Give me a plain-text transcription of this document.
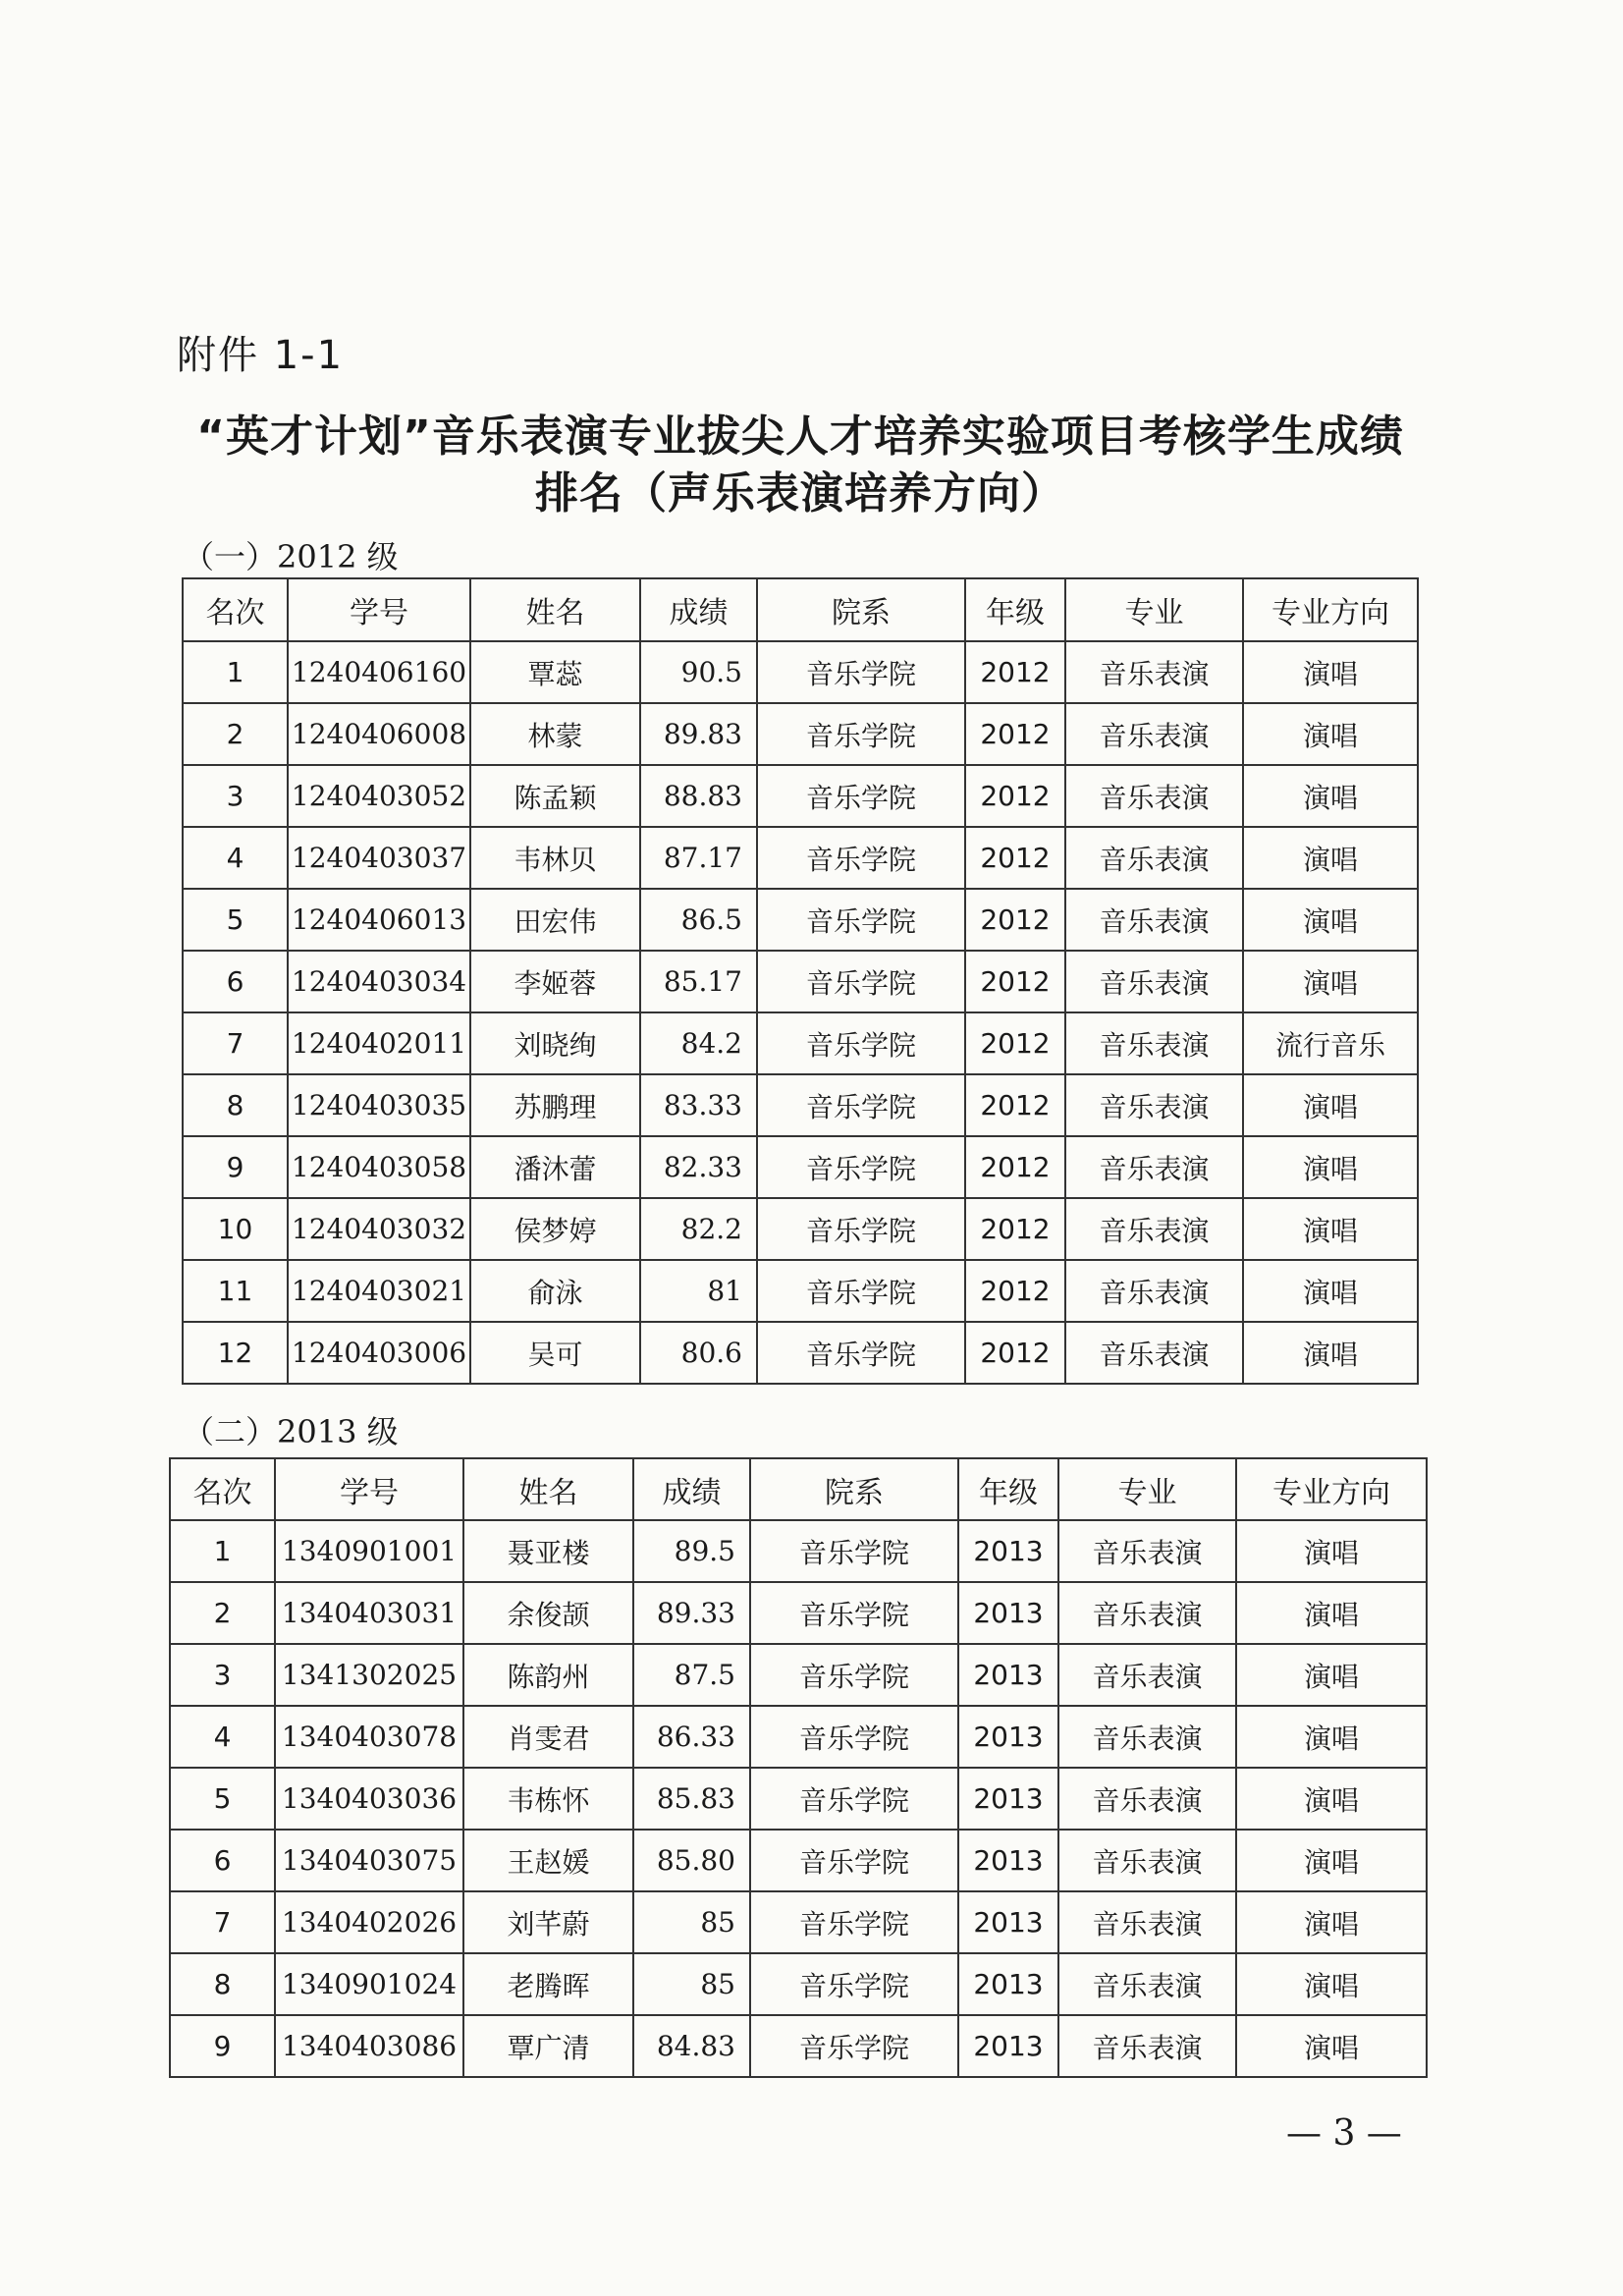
附件 1-1
“英才计划”音乐表演专业拔尖人才培养实验项目考核学生成绩
排名（声乐表演培养方向）
（一）2012 级
名次	学号	姓名	成绩	院系	年级	专业	专业方向
1	1240406160	覃蕊	90.5	音乐学院	2012	音乐表演	演唱
2	1240406008	林蒙	89.83	音乐学院	2012	音乐表演	演唱
3	1240403052	陈孟颖	88.83	音乐学院	2012	音乐表演	演唱
4	1240403037	韦林贝	87.17	音乐学院	2012	音乐表演	演唱
5	1240406013	田宏伟	86.5	音乐学院	2012	音乐表演	演唱
6	1240403034	李姬蓉	85.17	音乐学院	2012	音乐表演	演唱
7	1240402011	刘晓绚	84.2	音乐学院	2012	音乐表演	流行音乐
8	1240403035	苏鹏理	83.33	音乐学院	2012	音乐表演	演唱
9	1240403058	潘沐蕾	82.33	音乐学院	2012	音乐表演	演唱
10	1240403032	侯梦婷	82.2	音乐学院	2012	音乐表演	演唱
11	1240403021	俞泳	81	音乐学院	2012	音乐表演	演唱
12	1240403006	吴可	80.6	音乐学院	2012	音乐表演	演唱
（二）2013 级
名次	学号	姓名	成绩	院系	年级	专业	专业方向
1	1340901001	聂亚楼	89.5	音乐学院	2013	音乐表演	演唱
2	1340403031	余俊颉	89.33	音乐学院	2013	音乐表演	演唱
3	1341302025	陈韵州	87.5	音乐学院	2013	音乐表演	演唱
4	1340403078	肖雯君	86.33	音乐学院	2013	音乐表演	演唱
5	1340403036	韦栋怀	85.83	音乐学院	2013	音乐表演	演唱
6	1340403075	王赵媛	85.80	音乐学院	2013	音乐表演	演唱
7	1340402026	刘芊蔚	85	音乐学院	2013	音乐表演	演唱
8	1340901024	老腾晖	85	音乐学院	2013	音乐表演	演唱
9	1340403086	覃广清	84.83	音乐学院	2013	音乐表演	演唱
— 3 —
